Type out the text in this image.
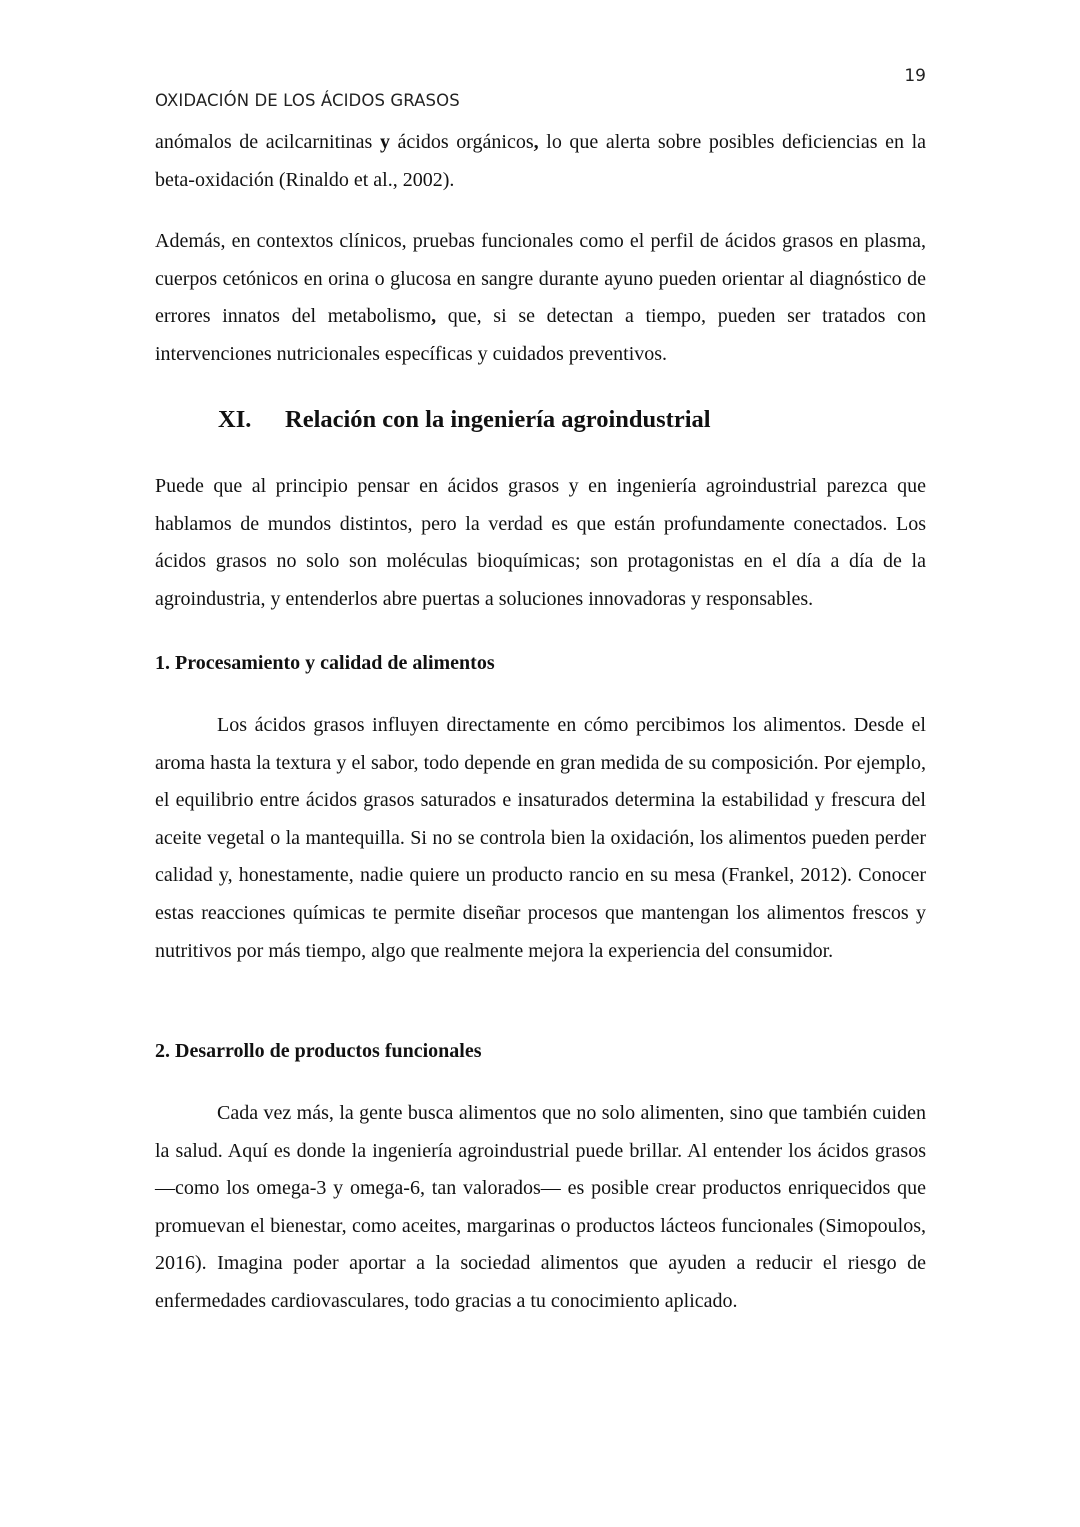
19
OXIDACIÓN DE LOS ÁCIDOS GRASOS

anómalos de acilcarnitinas y ácidos orgánicos, lo que alerta sobre posibles deficiencias en la beta-oxidación (Rinaldo et al., 2002).

Además, en contextos clínicos, pruebas funcionales como el perfil de ácidos grasos en plasma, cuerpos cetónicos en orina o glucosa en sangre durante ayuno pueden orientar al diagnóstico de errores innatos del metabolismo, que, si se detectan a tiempo, pueden ser tratados con intervenciones nutricionales específicas y cuidados preventivos.

XI. Relación con la ingeniería agroindustrial

Puede que al principio pensar en ácidos grasos y en ingeniería agroindustrial parezca que hablamos de mundos distintos, pero la verdad es que están profundamente conectados. Los ácidos grasos no solo son moléculas bioquímicas; son protagonistas en el día a día de la agroindustria, y entenderlos abre puertas a soluciones innovadoras y responsables.

1. Procesamiento y calidad de alimentos

Los ácidos grasos influyen directamente en cómo percibimos los alimentos. Desde el aroma hasta la textura y el sabor, todo depende en gran medida de su composición. Por ejemplo, el equilibrio entre ácidos grasos saturados e insaturados determina la estabilidad y frescura del aceite vegetal o la mantequilla. Si no se controla bien la oxidación, los alimentos pueden perder calidad y, honestamente, nadie quiere un producto rancio en su mesa (Frankel, 2012). Conocer estas reacciones químicas te permite diseñar procesos que mantengan los alimentos frescos y nutritivos por más tiempo, algo que realmente mejora la experiencia del consumidor.

2. Desarrollo de productos funcionales

Cada vez más, la gente busca alimentos que no solo alimenten, sino que también cuiden la salud. Aquí es donde la ingeniería agroindustrial puede brillar. Al entender los ácidos grasos —como los omega-3 y omega-6, tan valorados— es posible crear productos enriquecidos que promuevan el bienestar, como aceites, margarinas o productos lácteos funcionales (Simopoulos, 2016). Imagina poder aportar a la sociedad alimentos que ayuden a reducir el riesgo de enfermedades cardiovasculares, todo gracias a tu conocimiento aplicado.
